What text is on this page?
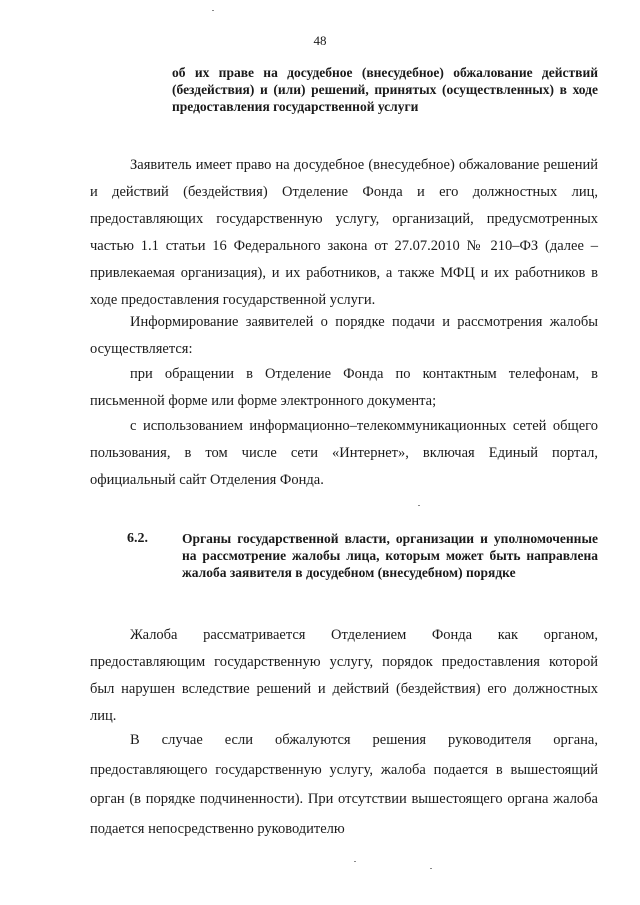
48
об их праве на досудебное (внесудебное) обжалование действий (бездействия) и (или) решений, принятых (осуществленных) в ходе предоставления государственной услуги

Заявитель имеет право на досудебное (внесудебное) обжалование решений и действий (бездействия) Отделение Фонда и его должностных лиц, предоставляющих государственную услугу, организаций, предусмотренных частью 1.1 статьи 16 Федерального закона от 27.07.2010 № 210–ФЗ (далее – привлекаемая организация), и их работников, а также МФЦ и их работников в ходе предоставления государственной услуги.

Информирование заявителей о порядке подачи и рассмотрения жалобы осуществляется:

при обращении в Отделение Фонда по контактным телефонам, в письменной форме или форме электронного документа;

с использованием информационно–телекоммуникационных сетей общего пользования, в том числе сети «Интернет», включая Единый портал, официальный сайт Отделения Фонда.

6.2.	Органы государственной власти, организации и уполномоченные на рассмотрение жалобы лица, которым может быть направлена жалоба заявителя в досудебном (внесудебном) порядке

Жалоба рассматривается Отделением Фонда как органом, предоставляющим государственную услугу, порядок предоставления которой был нарушен вследствие решений и действий (бездействия) его должностных лиц.

В случае если обжалуются решения руководителя органа, предоставляющего государственную услугу, жалоба подается в вышестоящий орган (в порядке подчиненности). При отсутствии вышестоящего органа жалоба подается непосредственно руководителю
